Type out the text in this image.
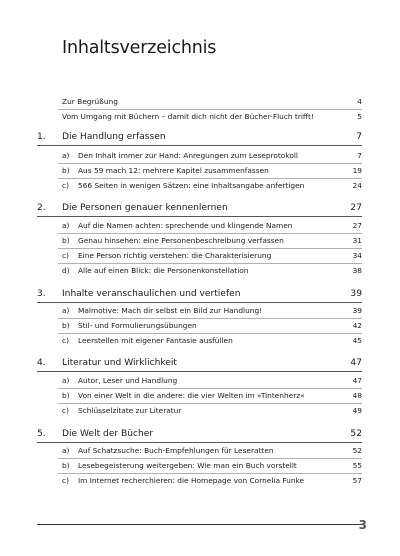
Inhaltsverzeichnis
Zur Begrüßung	4
Vom Umgang mit Büchern – damit dich nicht der Bücher-Fluch trifft!	5
1. Die Handlung erfassen	7
a) Den Inhalt immer zur Hand: Anregungen zum Leseprotokoll	7
b) Aus 59 mach 12: mehrere Kapitel zusammenfassen	19
c) 566 Seiten in wenigen Sätzen: eine Inhaltsangabe anfertigen	24
2. Die Personen genauer kennenlernen	27
a) Auf die Namen achten: sprechende und klingende Namen	27
b) Genau hinsehen: eine Personenbeschreibung verfassen	31
c) Eine Person richtig verstehen: die Charakterisierung	34
d) Alle auf einen Blick: die Personenkonstellation	38
3. Inhalte veranschaulichen und vertiefen	39
a) Malmotive: Mach dir selbst ein Bild zur Handlung!	39
b) Stil- und Formulierungsübungen	42
c) Leerstellen mit eigener Fantasie ausfüllen	45
4. Literatur und Wirklichkeit	47
a) Autor, Leser und Handlung	47
b) Von einer Welt in die andere: die vier Welten im »Tintenherz«	48
c) Schlüsselzitate zur Literatur	49
5. Die Welt der Bücher	52
a) Auf Schatzsuche: Buch-Empfehlungen für Leseratten	52
b) Lesebegeisterung weitergeben: Wie man ein Buch vorstellt	55
c) Im Internet recherchieren: die Homepage von Cornelia Funke	57
3
